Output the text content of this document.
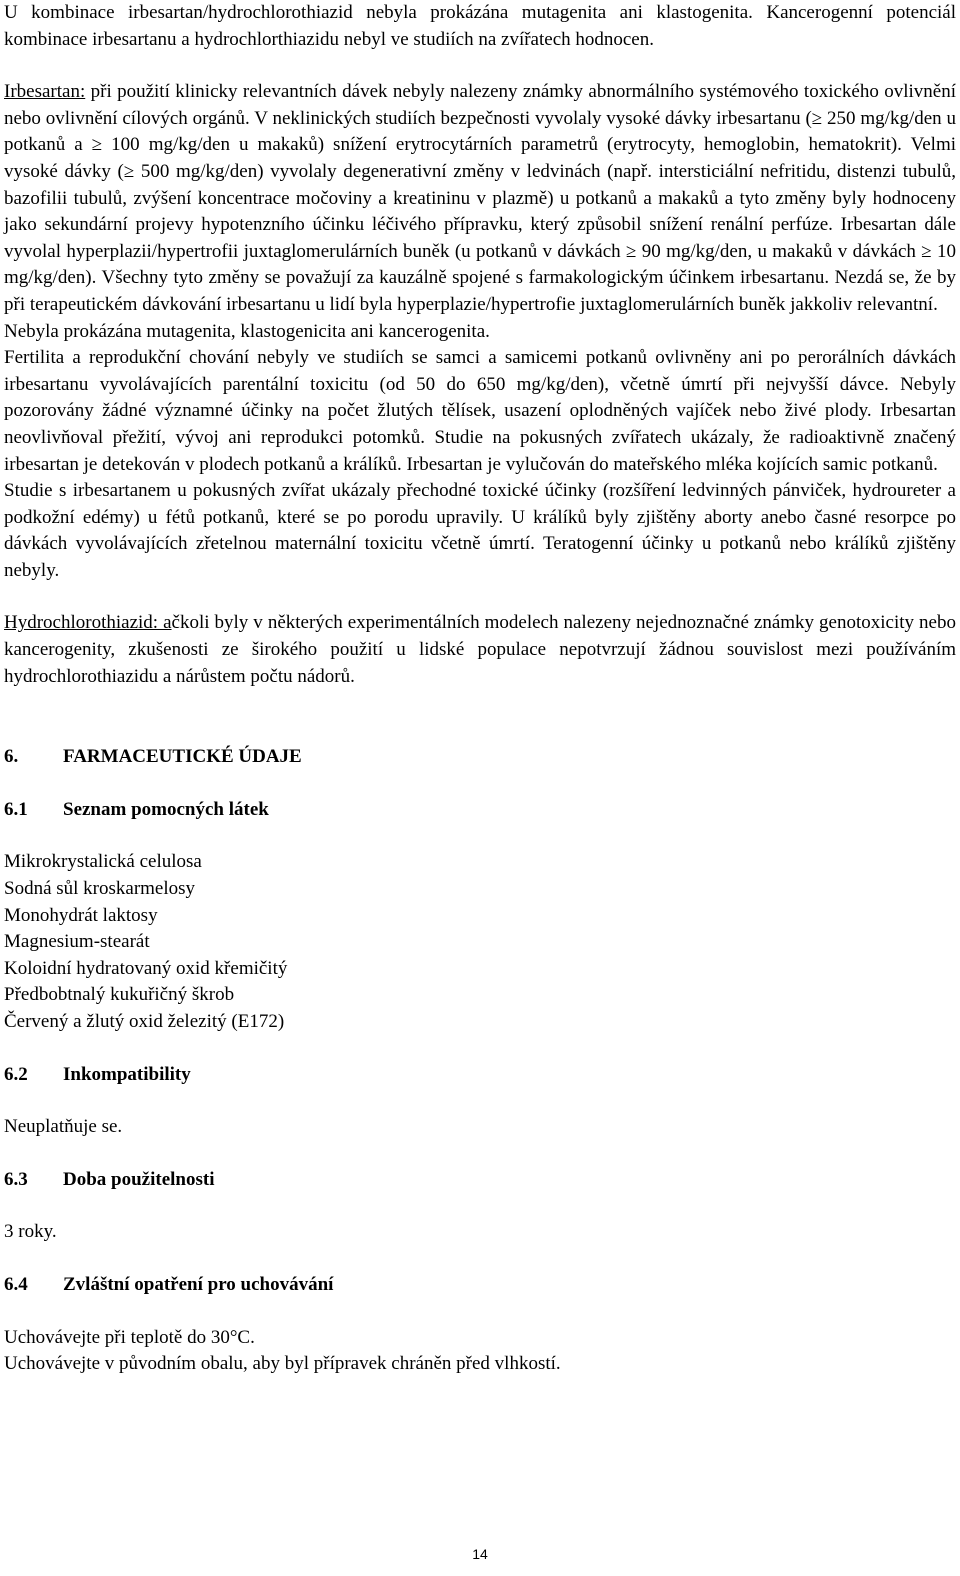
U kombinace irbesartan/hydrochlorothiazid nebyla prokázána mutagenita ani klastogenita. Kancerogenní potenciál kombinace irbesartanu a hydrochlorthiazidu nebyl ve studiích na zvířatech hodnocen.

Irbesartan: při použití klinicky relevantních dávek nebyly nalezeny známky abnormálního systémového toxického ovlivnění nebo ovlivnění cílových orgánů. V neklinických studiích bezpečnosti vyvolaly vysoké dávky irbesartanu (≥ 250 mg/kg/den u potkanů a ≥ 100 mg/kg/den u makaků) snížení erytrocytárních parametrů (erytrocyty, hemoglobin, hematokrit). Velmi vysoké dávky (≥ 500 mg/kg/den) vyvolaly degenerativní změny v ledvinách (např. intersticiální nefritidu, distenzi tubulů, bazofilii tubulů, zvýšení koncentrace močoviny a kreatininu v plazmě) u potkanů a makaků a tyto změny byly hodnoceny jako sekundární projevy hypotenzního účinku léčivého přípravku, který způsobil snížení renální perfúze. Irbesartan dále vyvolal hyperplazii/hypertrofii juxtaglomerulárních buněk (u potkanů v dávkách ≥ 90 mg/kg/den, u makaků v dávkách ≥ 10 mg/kg/den). Všechny tyto změny se považují za kauzálně spojené s farmakologickým účinkem irbesartanu. Nezdá se, že by při terapeutickém dávkování irbesartanu u lidí byla hyperplazie/hypertrofie juxtaglomerulárních buněk jakkoliv relevantní.

Nebyla prokázána mutagenita, klastogenicita ani kancerogenita.

Fertilita a reprodukční chování nebyly ve studiích se samci a samicemi potkanů ovlivněny ani po perorálních dávkách irbesartanu vyvolávajících parentální toxicitu (od 50 do 650 mg/kg/den), včetně úmrtí při nejvyšší dávce. Nebyly pozorovány žádné významné účinky na počet žlutých tělísek, usazení oplodněných vajíček nebo živé plody. Irbesartan neovlivňoval přežití, vývoj ani reprodukci potomků. Studie na pokusných zvířatech ukázaly, že radioaktivně značený irbesartan je detekován v plodech potkanů a králíků. Irbesartan je vylučován do mateřského mléka kojících samic potkanů.

Studie s irbesartanem u pokusných zvířat ukázaly přechodné toxické účinky (rozšíření ledvinných pánviček, hydroureter a podkožní edémy) u fétů potkanů, které se po porodu upravily. U králíků byly zjištěny aborty anebo časné resorpce po dávkách vyvolávajících zřetelnou maternální toxicitu včetně úmrtí. Teratogenní účinky u potkanů nebo králíků zjištěny nebyly.

Hydrochlorothiazid: ačkoli byly v některých experimentálních modelech nalezeny nejednoznačné známky genotoxicity nebo kancerogenity, zkušenosti ze širokého použití u lidské populace nepotvrzují žádnou souvislost mezi používáním hydrochlorothiazidu a nárůstem počtu nádorů.

6. FARMACEUTICKÉ ÚDAJE

6.1 Seznam pomocných látek

Mikrokrystalická celulosa

Sodná sůl kroskarmelosy

Monohydrát laktosy

Magnesium-stearát

Koloidní hydratovaný oxid křemičitý

Předbobtnalý kukuřičný škrob

Červený a žlutý oxid železitý (E172)

6.2 Inkompatibility

Neuplatňuje se.

6.3 Doba použitelnosti

3 roky.

6.4 Zvláštní opatření pro uchovávání

Uchovávejte při teplotě do 30°C.

Uchovávejte v původním obalu, aby byl přípravek chráněn před vlhkostí.

14
